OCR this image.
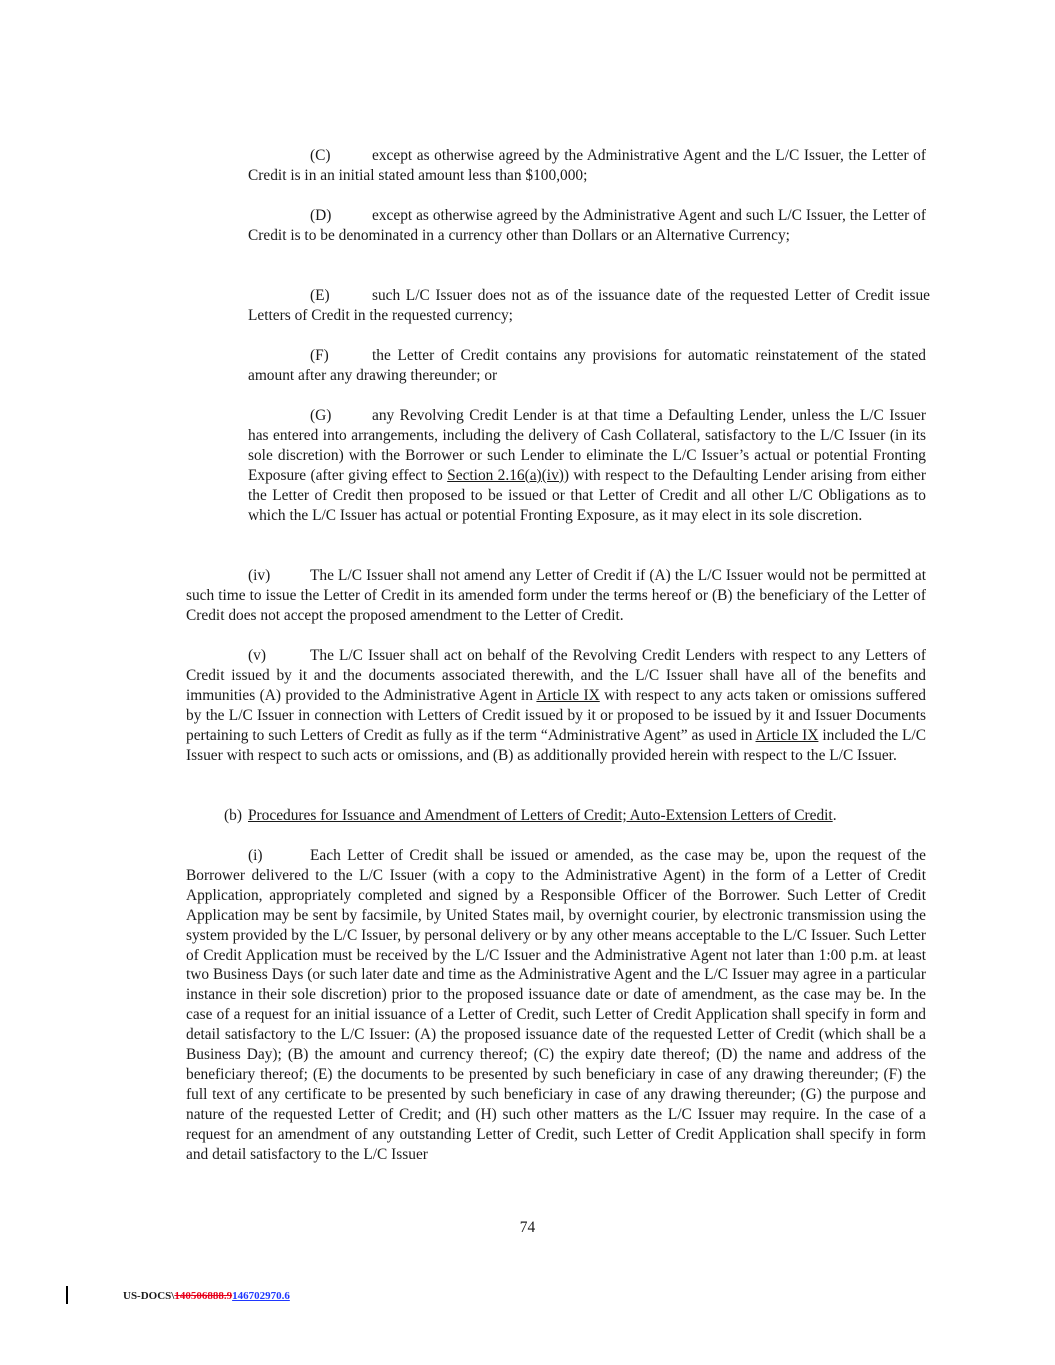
(C)	except as otherwise agreed by the Administrative Agent and the L/C Issuer, the Letter of Credit is in an initial stated amount less than $100,000;

(D)	except as otherwise agreed by the Administrative Agent and such L/C Issuer, the Letter of Credit is to be denominated in a currency other than Dollars or an Alternative Currency;

(E)	such L/C Issuer does not as of the issuance date of the requested Letter of Credit issue Letters of Credit in the requested currency;

(F)	the Letter of Credit contains any provisions for automatic reinstatement of the stated amount after any drawing thereunder; or

(G)	any Revolving Credit Lender is at that time a Defaulting Lender, unless the L/C Issuer has entered into arrangements, including the delivery of Cash Collateral, satisfactory to the L/C Issuer (in its sole discretion) with the Borrower or such Lender to eliminate the L/C Issuer’s actual or potential Fronting Exposure (after giving effect to Section 2.16(a)(iv)) with respect to the Defaulting Lender arising from either the Letter of Credit then proposed to be issued or that Letter of Credit and all other L/C Obligations as to which the L/C Issuer has actual or potential Fronting Exposure, as it may elect in its sole discretion.

(iv)	The L/C Issuer shall not amend any Letter of Credit if (A) the L/C Issuer would not be permitted at such time to issue the Letter of Credit in its amended form under the terms hereof or (B) the beneficiary of the Letter of Credit does not accept the proposed amendment to the Letter of Credit.

(v)	The L/C Issuer shall act on behalf of the Revolving Credit Lenders with respect to any Letters of Credit issued by it and the documents associated therewith, and the L/C Issuer shall have all of the benefits and immunities (A) provided to the Administrative Agent in Article IX with respect to any acts taken or omissions suffered by the L/C Issuer in connection with Letters of Credit issued by it or proposed to be issued by it and Issuer Documents pertaining to such Letters of Credit as fully as if the term “Administrative Agent” as used in Article IX included the L/C Issuer with respect to such acts or omissions, and (B) as additionally provided herein with respect to the L/C Issuer.

(b) Procedures for Issuance and Amendment of Letters of Credit; Auto-Extension Letters of Credit.

(i)	Each Letter of Credit shall be issued or amended, as the case may be, upon the request of the Borrower delivered to the L/C Issuer (with a copy to the Administrative Agent) in the form of a Letter of Credit Application, appropriately completed and signed by a Responsible Officer of the Borrower. Such Letter of Credit Application may be sent by facsimile, by United States mail, by overnight courier, by electronic transmission using the system provided by the L/C Issuer, by personal delivery or by any other means acceptable to the L/C Issuer. Such Letter of Credit Application must be received by the L/C Issuer and the Administrative Agent not later than 1:00 p.m. at least two Business Days (or such later date and time as the Administrative Agent and the L/C Issuer may agree in a particular instance in their sole discretion) prior to the proposed issuance date or date of amendment, as the case may be. In the case of a request for an initial issuance of a Letter of Credit, such Letter of Credit Application shall specify in form and detail satisfactory to the L/C Issuer: (A) the proposed issuance date of the requested Letter of Credit (which shall be a Business Day); (B) the amount and currency thereof; (C) the expiry date thereof; (D) the name and address of the beneficiary thereof; (E) the documents to be presented by such beneficiary in case of any drawing thereunder; (F) the full text of any certificate to be presented by such beneficiary in case of any drawing thereunder; (G) the purpose and nature of the requested Letter of Credit; and (H) such other matters as the L/C Issuer may require. In the case of a request for an amendment of any outstanding Letter of Credit, such Letter of Credit Application shall specify in form and detail satisfactory to the L/C Issuer

74
US-DOCS\140506888.9146702970.6
